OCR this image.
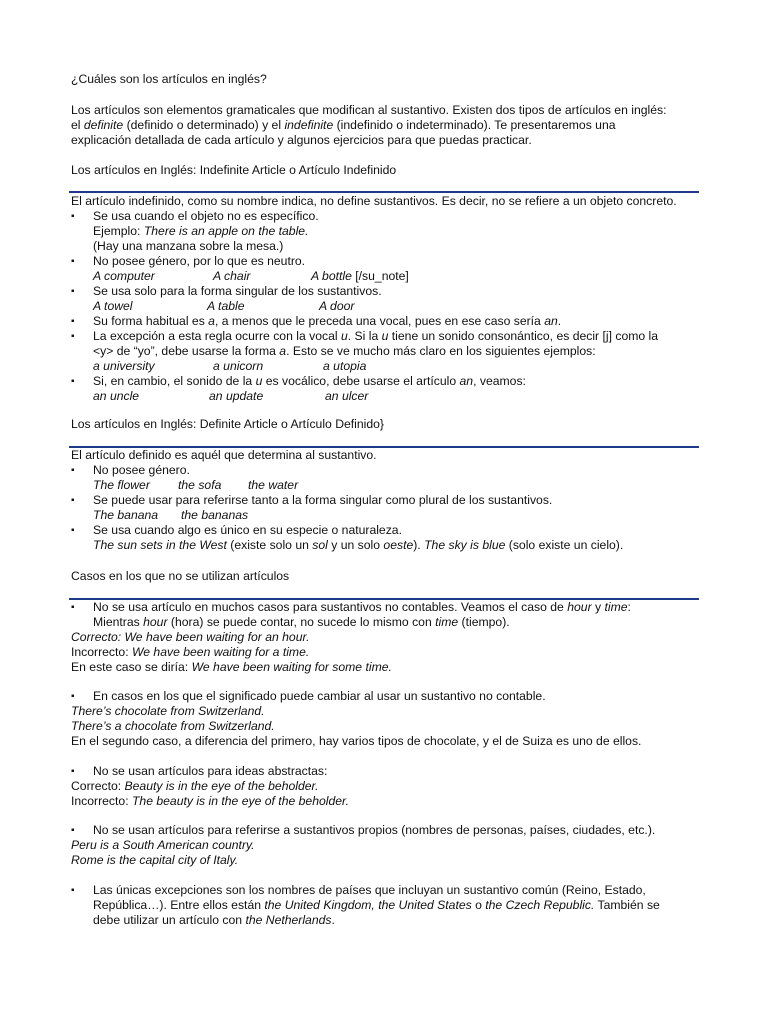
¿Cuáles son los artículos en inglés?
Los artículos son elementos gramaticales que modifican al sustantivo. Existen dos tipos de artículos en inglés:
el definite (definido o determinado) y el indefinite (indefinido o indeterminado). Te presentaremos una
explicación detallada de cada artículo y algunos ejercicios para que puedas practicar.
Los artículos en Inglés: Indefinite Article o Artículo Indefinido
El artículo indefinido, como su nombre indica, no define sustantivos. Es decir, no se refiere a un objeto concreto.
▪ Se usa cuando el objeto no es específico.
Ejemplo: There is an apple on the table.
(Hay una manzana sobre la mesa.)
▪ No posee género, por lo que es neutro.
A computer	A chair	A bottle [/su_note]
▪ Se usa solo para la forma singular de los sustantivos.
A towel	A table	A door
▪ Su forma habitual es a, a menos que le preceda una vocal, pues en ese caso sería an.
▪ La excepción a esta regla ocurre con la vocal u. Si la u tiene un sonido consonántico, es decir [j] como la
<y> de “yo”, debe usarse la forma a. Esto se ve mucho más claro en los siguientes ejemplos:
a university	a unicorn	a utopia
▪ Si, en cambio, el sonido de la u es vocálico, debe usarse el artículo an, veamos:
an uncle	an update	an ulcer
Los artículos en Inglés: Definite Article o Artículo Definido}
El artículo definido es aquél que determina al sustantivo.
▪ No posee género.
The flower	the sofa	the water
▪ Se puede usar para referirse tanto a la forma singular como plural de los sustantivos.
The banana	the bananas
▪ Se usa cuando algo es único en su especie o naturaleza.
The sun sets in the West (existe solo un sol y un solo oeste). The sky is blue (solo existe un cielo).
Casos en los que no se utilizan artículos
▪ No se usa artículo en muchos casos para sustantivos no contables. Veamos el caso de hour y time:
Mientras hour (hora) se puede contar, no sucede lo mismo con time (tiempo).
Correcto: We have been waiting for an hour.
Incorrecto: We have been waiting for a time.
En este caso se diría: We have been waiting for some time.
▪ En casos en los que el significado puede cambiar al usar un sustantivo no contable.
There’s chocolate from Switzerland.
There’s a chocolate from Switzerland.
En el segundo caso, a diferencia del primero, hay varios tipos de chocolate, y el de Suiza es uno de ellos.
▪ No se usan artículos para ideas abstractas:
Correcto: Beauty is in the eye of the beholder.
Incorrecto: The beauty is in the eye of the beholder.
▪ No se usan artículos para referirse a sustantivos propios (nombres de personas, países, ciudades, etc.).
Peru is a South American country.
Rome is the capital city of Italy.
▪ Las únicas excepciones son los nombres de países que incluyan un sustantivo común (Reino, Estado,
República…). Entre ellos están the United Kingdom, the United States o the Czech Republic. También se
debe utilizar un artículo con the Netherlands.
